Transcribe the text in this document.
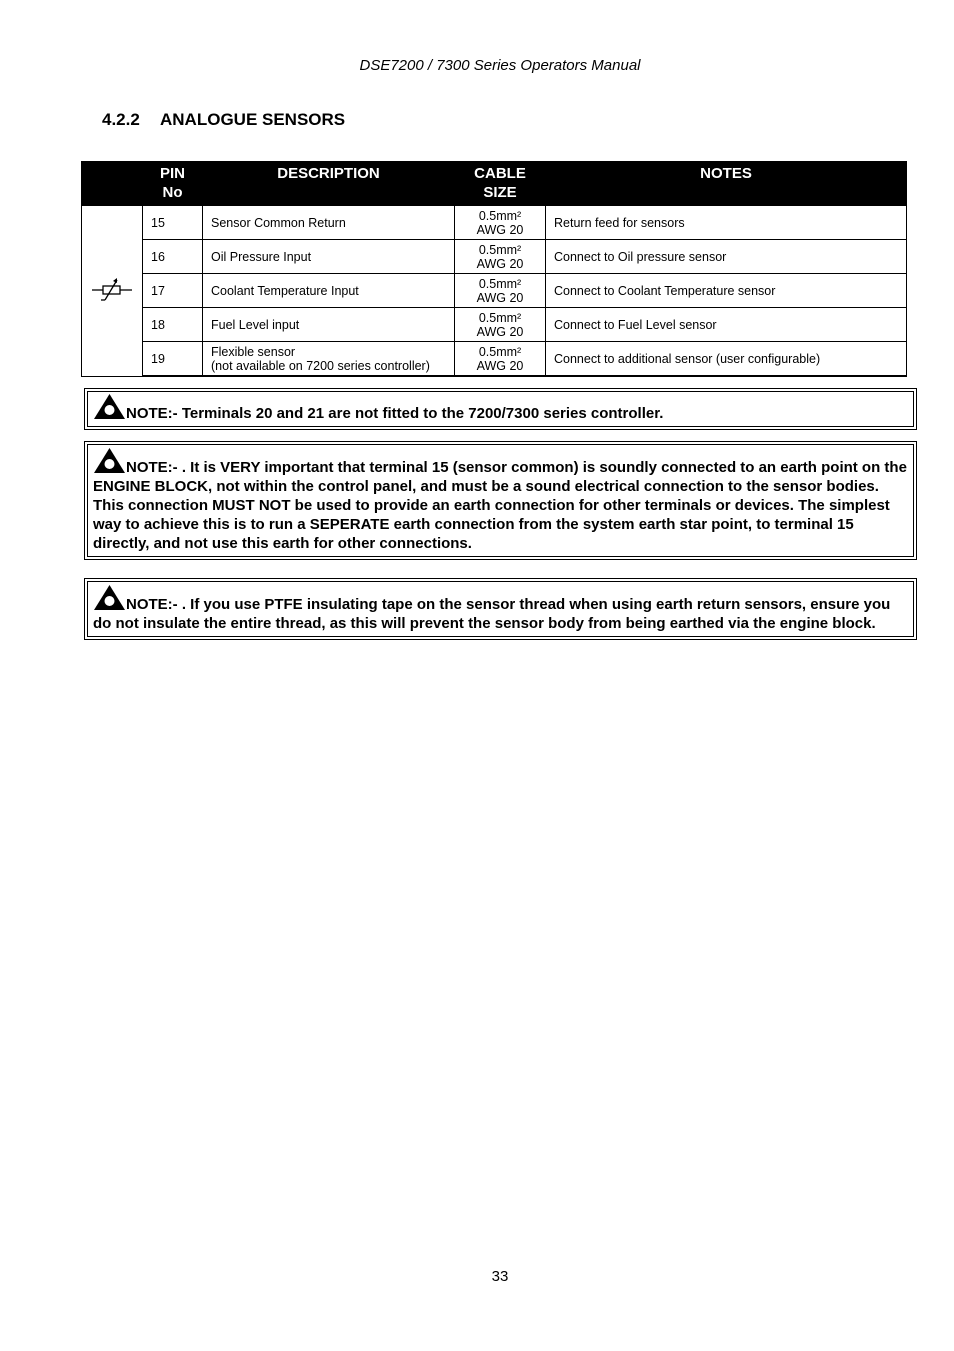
DSE7200 / 7300 Series Operators Manual
4.2.2 ANALOGUE SENSORS
	PIN
No	DESCRIPTION	CABLE
SIZE	NOTES
	15	Sensor Common Return	0.5mm²
AWG 20	Return feed for sensors
	16	Oil Pressure Input	0.5mm²
AWG 20	Connect to Oil pressure sensor
	17	Coolant Temperature Input	0.5mm²
AWG 20	Connect to Coolant Temperature sensor
	18	Fuel Level input	0.5mm²
AWG 20	Connect to Fuel Level sensor
	19	Flexible sensor
(not available on 7200 series controller)	0.5mm²
AWG 20	Connect to additional sensor (user configurable)
NOTE:- Terminals 20 and 21 are not fitted to the 7200/7300 series controller.
NOTE:- . It is VERY important that terminal 15 (sensor common) is soundly connected to an earth point on the ENGINE BLOCK, not within the control panel, and must be a sound electrical connection to the sensor bodies. This connection MUST NOT be used to provide an earth connection for other terminals or devices. The simplest way to achieve this is to run a SEPERATE earth connection from the system earth star point, to terminal 15 directly, and not use this earth for other connections.
NOTE:- . If you use PTFE insulating tape on the sensor thread when using earth return sensors, ensure you do not insulate the entire thread, as this will prevent the sensor body from being earthed via the engine block.
33
